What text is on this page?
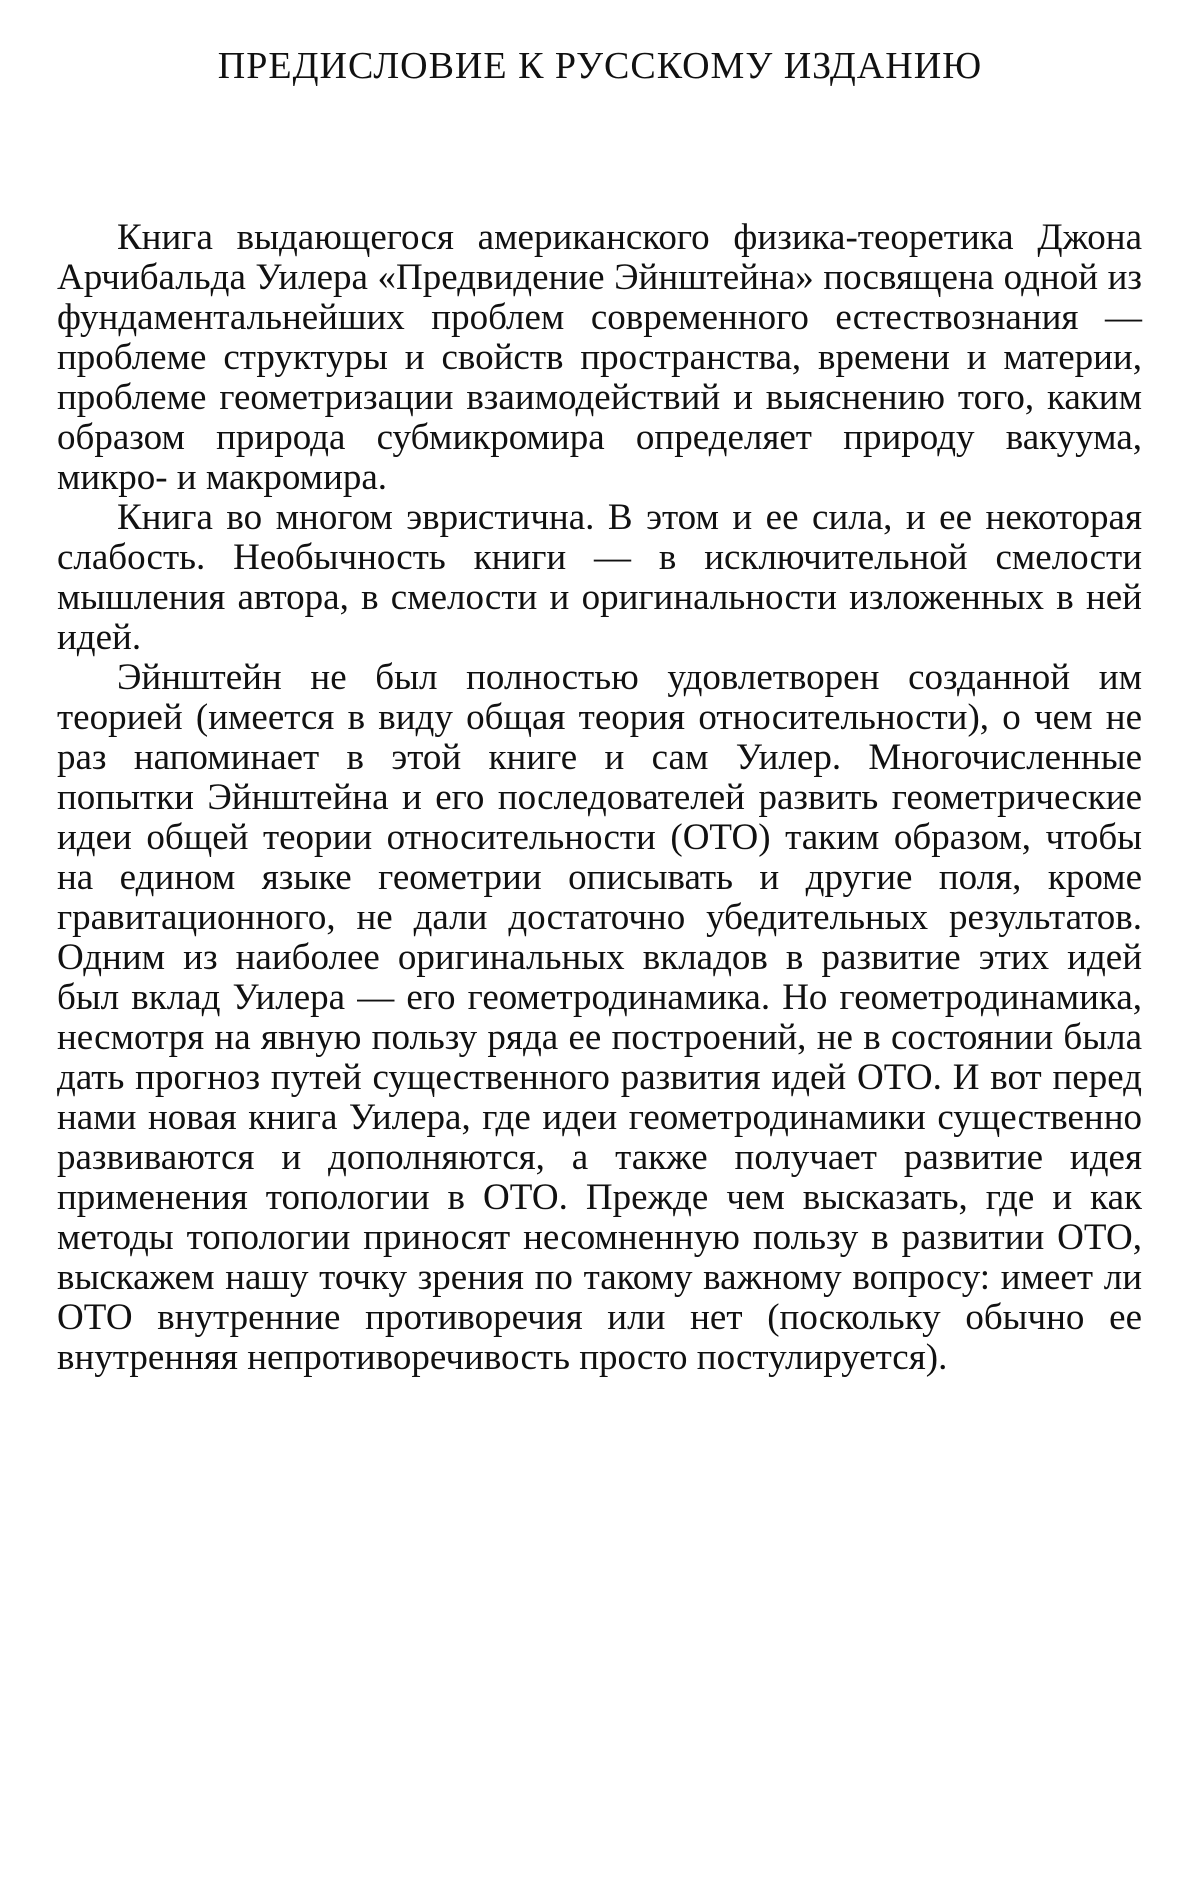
ПРЕДИСЛОВИЕ К РУССКОМУ ИЗДАНИЮ

Книга выдающегося американского физика-теоретика Джона Арчибальда Уилера «Предвидение Эйнштейна» посвящена одной из фундаментальнейших проблем современного естествознания — проблеме структуры и свойств пространства, времени и материи, проблеме геометризации взаимодействий и выяснению того, каким образом природа субмикромира определяет природу вакуума, микро- и макромира.

Книга во многом эвристична. В этом и ее сила, и ее некоторая слабость. Необычность книги — в исключительной смелости мышления автора, в смелости и оригинальности изложенных в ней идей.

Эйнштейн не был полностью удовлетворен созданной им теорией (имеется в виду общая теория относительности), о чем не раз напоминает в этой книге и сам Уилер. Многочисленные попытки Эйнштейна и его последователей развить геометрические идеи общей теории относительности (ОТО) таким образом, чтобы на едином языке геометрии описывать и другие поля, кроме гравитационного, не дали достаточно убедительных результатов. Одним из наиболее оригинальных вкладов в развитие этих идей был вклад Уилера — его геометродинамика. Но геометродинамика, несмотря на явную пользу ряда ее построений, не в состоянии была дать прогноз путей существенного развития идей ОТО. И вот перед нами новая книга Уилера, где идеи геометродинамики существенно развиваются и дополняются, а также получает развитие идея применения топологии в ОТО. Прежде чем высказать, где и как методы топологии приносят несомненную пользу в развитии ОТО, выскажем нашу точку зрения по такому важному вопросу: имеет ли ОТО внутренние противоречия или нет (поскольку обычно ее внутренняя непротиворечивость просто постулируется).
